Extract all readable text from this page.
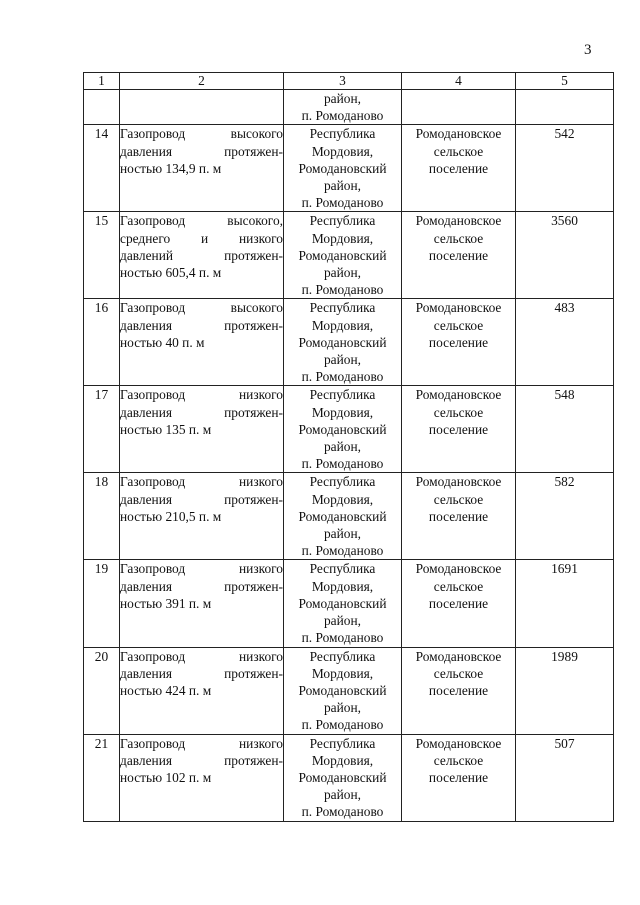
3
1	2	3	4	5

		район,
п. Ромоданово		

14	Газопровод высокого
давления протяжен-
ностью 134,9 п. м	Республика
Мордовия,
Ромодановский
район,
п. Ромоданово	Ромодановское
сельское
поселение	542
15	Газопровод высокого,
среднего и низкого
давлений протяжен-
ностью 605,4 п. м	Республика
Мордовия,
Ромодановский
район,
п. Ромоданово	Ромодановское
сельское
поселение	3560
16	Газопровод высокого
давления протяжен-
ностью 40 п. м	Республика
Мордовия,
Ромодановский
район,
п. Ромоданово	Ромодановское
сельское
поселение	483
17	Газопровод низкого
давления протяжен-
ностью 135 п. м	Республика
Мордовия,
Ромодановский
район,
п. Ромоданово	Ромодановское
сельское
поселение	548
18	Газопровод низкого
давления протяжен-
ностью 210,5 п. м	Республика
Мордовия,
Ромодановский
район,
п. Ромоданово	Ромодановское
сельское
поселение	582
19	Газопровод низкого
давления протяжен-
ностью 391 п. м	Республика
Мордовия,
Ромодановский
район,
п. Ромоданово	Ромодановское
сельское
поселение	1691
20	Газопровод низкого
давления протяжен-
ностью 424 п. м	Республика
Мордовия,
Ромодановский
район,
п. Ромоданово	Ромодановское
сельское
поселение	1989
21	Газопровод низкого
давления протяжен-
ностью 102 п. м	Республика
Мордовия,
Ромодановский
район,
п. Ромоданово	Ромодановское
сельское
поселение	507
